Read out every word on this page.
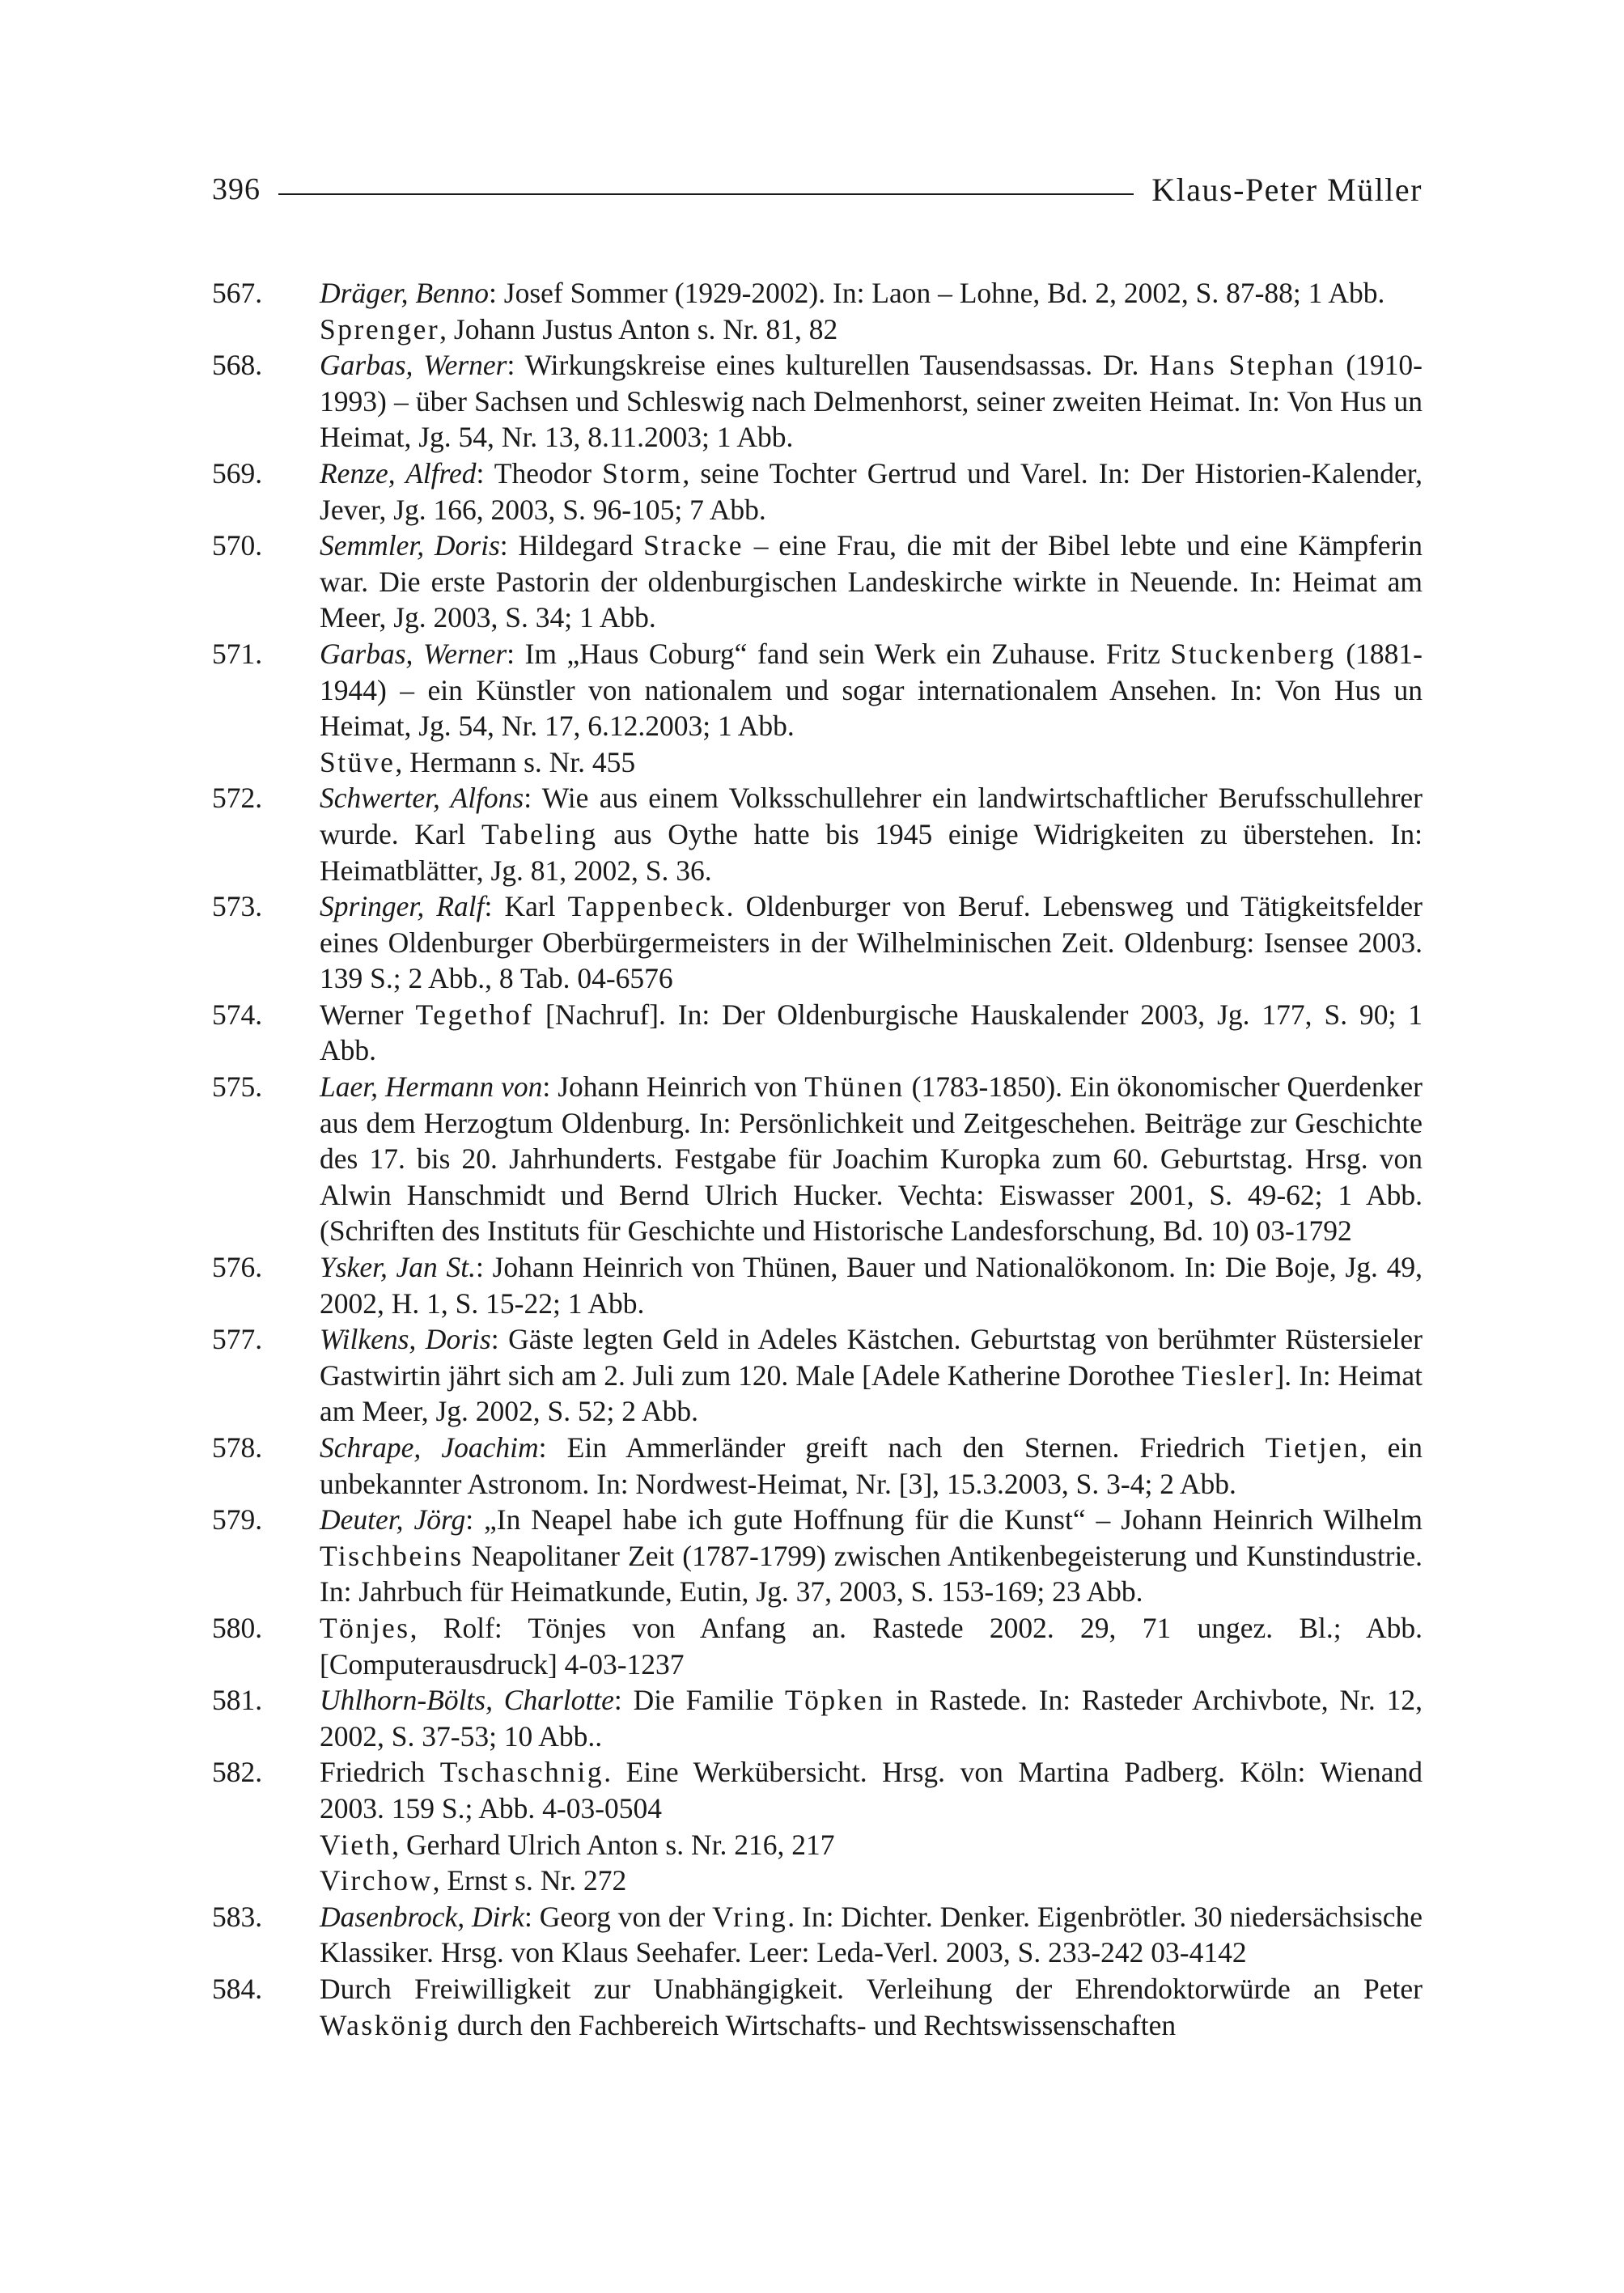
396	Klaus-Peter Müller
567.	Dräger, Benno: Josef Sommer (1929-2002). In: Laon – Lohne, Bd. 2, 2002, S. 87-88; 1 Abb.
Sprenger, Johann Justus Anton s. Nr. 81, 82
568.	Garbas, Werner: Wirkungskreise eines kulturellen Tausendsassas. Dr. Hans Stephan (1910-1993) – über Sachsen und Schleswig nach Delmenhorst, seiner zweiten Heimat. In: Von Hus un Heimat, Jg. 54, Nr. 13, 8.11.2003; 1 Abb.
569.	Renze, Alfred: Theodor Storm, seine Tochter Gertrud und Varel. In: Der Historien-Kalender, Jever, Jg. 166, 2003, S. 96-105; 7 Abb.
570.	Semmler, Doris: Hildegard Stracke – eine Frau, die mit der Bibel lebte und eine Kämpferin war. Die erste Pastorin der oldenburgischen Landeskirche wirkte in Neuende. In: Heimat am Meer, Jg. 2003, S. 34; 1 Abb.
571.	Garbas, Werner: Im „Haus Coburg“ fand sein Werk ein Zuhause. Fritz Stuckenberg (1881-1944) – ein Künstler von nationalem und sogar internationalem Ansehen. In: Von Hus un Heimat, Jg. 54, Nr. 17, 6.12.2003; 1 Abb.
Stüve, Hermann s. Nr. 455
572.	Schwerter, Alfons: Wie aus einem Volksschullehrer ein landwirtschaftlicher Berufsschullehrer wurde. Karl Tabeling aus Oythe hatte bis 1945 einige Widrigkeiten zu überstehen. In: Heimatblätter, Jg. 81, 2002, S. 36.
573.	Springer, Ralf: Karl Tappenbeck. Oldenburger von Beruf. Lebensweg und Tätigkeitsfelder eines Oldenburger Oberbürgermeisters in der Wilhelminischen Zeit. Oldenburg: Isensee 2003. 139 S.; 2 Abb., 8 Tab. 04-6576
574.	Werner Tegethof [Nachruf]. In: Der Oldenburgische Hauskalender 2003, Jg. 177, S. 90; 1 Abb.
575.	Laer, Hermann von: Johann Heinrich von Thünen (1783-1850). Ein ökonomischer Querdenker aus dem Herzogtum Oldenburg. In: Persönlichkeit und Zeitgeschehen. Beiträge zur Geschichte des 17. bis 20. Jahrhunderts. Festgabe für Joachim Kuropka zum 60. Geburtstag. Hrsg. von Alwin Hanschmidt und Bernd Ulrich Hucker. Vechta: Eiswasser 2001, S. 49-62; 1 Abb. (Schriften des Instituts für Geschichte und Historische Landesforschung, Bd. 10) 03-1792
576.	Ysker, Jan St.: Johann Heinrich von Thünen, Bauer und Nationalökonom. In: Die Boje, Jg. 49, 2002, H. 1, S. 15-22; 1 Abb.
577.	Wilkens, Doris: Gäste legten Geld in Adeles Kästchen. Geburtstag von berühmter Rüstersieler Gastwirtin jährt sich am 2. Juli zum 120. Male [Adele Katherine Dorothee Tiesler]. In: Heimat am Meer, Jg. 2002, S. 52; 2 Abb.
578.	Schrape, Joachim: Ein Ammerländer greift nach den Sternen. Friedrich Tietjen, ein unbekannter Astronom. In: Nordwest-Heimat, Nr. [3], 15.3.2003, S. 3-4; 2 Abb.
579.	Deuter, Jörg: „In Neapel habe ich gute Hoffnung für die Kunst“ – Johann Heinrich Wilhelm Tischbeins Neapolitaner Zeit (1787-1799) zwischen Antikenbegeisterung und Kunstindustrie. In: Jahrbuch für Heimatkunde, Eutin, Jg. 37, 2003, S. 153-169; 23 Abb.
580.	Tönjes, Rolf: Tönjes von Anfang an. Rastede 2002. 29, 71 ungez. Bl.; Abb. [Computerausdruck] 4-03-1237
581.	Uhlhorn-Bölts, Charlotte: Die Familie Töpken in Rastede. In: Rasteder Archivbote, Nr. 12, 2002, S. 37-53; 10 Abb..
582.	Friedrich Tschaschnig. Eine Werkübersicht. Hrsg. von Martina Padberg. Köln: Wienand 2003. 159 S.; Abb. 4-03-0504
Vieth, Gerhard Ulrich Anton s. Nr. 216, 217
Virchow, Ernst s. Nr. 272
583.	Dasenbrock, Dirk: Georg von der Vring. In: Dichter. Denker. Eigenbrötler. 30 niedersächsische Klassiker. Hrsg. von Klaus Seehafer. Leer: Leda-Verl. 2003, S. 233-242 03-4142
584.	Durch Freiwilligkeit zur Unabhängigkeit. Verleihung der Ehrendoktorwürde an Peter Waskönig durch den Fachbereich Wirtschafts- und Rechtswissenschaften
